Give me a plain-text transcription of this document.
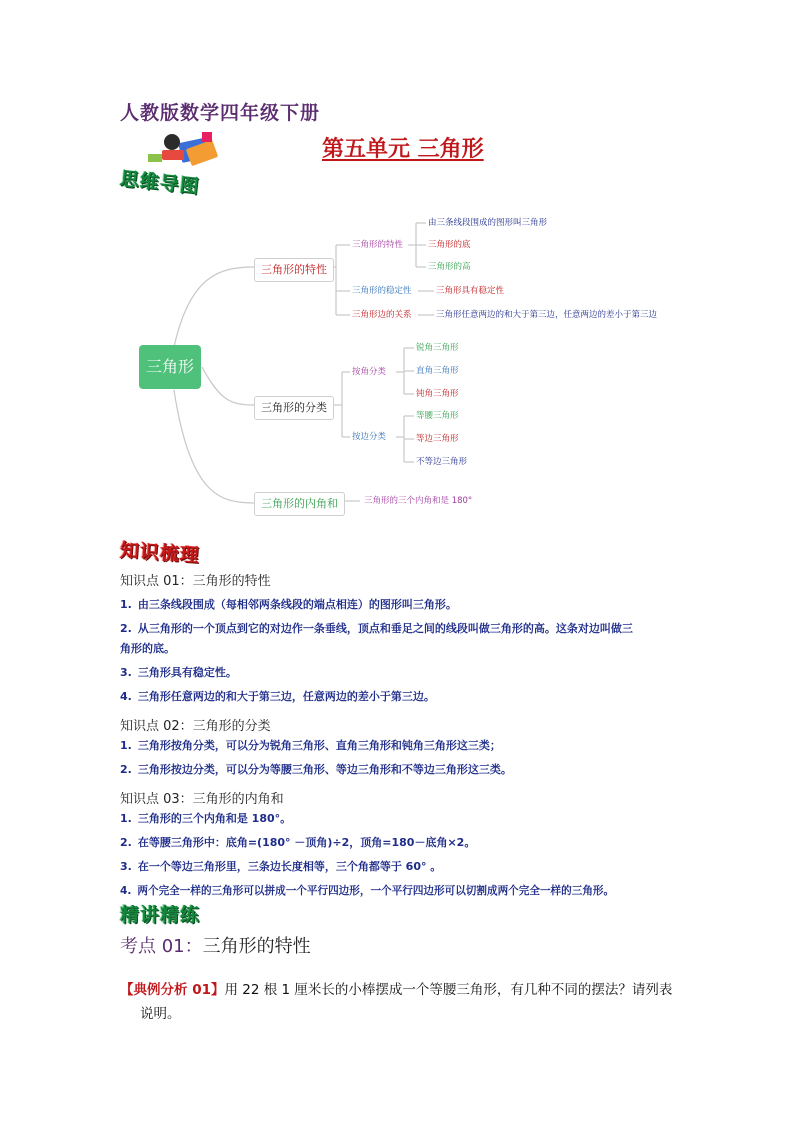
人教版数学四年级下册
第五单元 三角形
思维导图
三角形
三角形的特性
三角形的特性
由三条线段围成的图形叫三角形
三角形的底
三角形的高
三角形的稳定性	三角形具有稳定性
三角形边的关系	三角形任意两边的和大于第三边，任意两边的差小于第三边
三角形的分类
按角分类
锐角三角形
直角三角形
钝角三角形
按边分类
等腰三角形
等边三角形
不等边三角形
三角形的内角和	三角形的三个内角和是 180°
知识梳理
知识点 01：三角形的特性
1. 由三条线段围成（每相邻两条线段的端点相连）的图形叫三角形。
2. 从三角形的一个顶点到它的对边作一条垂线，顶点和垂足之间的线段叫做三角形的高。这条对边叫做三
角形的底。
3. 三角形具有稳定性。
4. 三角形任意两边的和大于第三边，任意两边的差小于第三边。
知识点 02：三角形的分类
1. 三角形按角分类，可以分为锐角三角形、直角三角形和钝角三角形这三类；
2. 三角形按边分类，可以分为等腰三角形、等边三角形和不等边三角形这三类。
知识点 03：三角形的内角和
1. 三角形的三个内角和是 180°。
2. 在等腰三角形中：底角=(180° －顶角)÷2，顶角=180－底角×2。
3. 在一个等边三角形里，三条边长度相等，三个角都等于 60° 。
4. 两个完全一样的三角形可以拼成一个平行四边形，一个平行四边形可以切割成两个完全一样的三角形。
精讲精练
考点 01：三角形的特性
【典例分析 01】用 22 根 1 厘米长的小棒摆成一个等腰三角形，有几种不同的摆法？请列表
说明。
